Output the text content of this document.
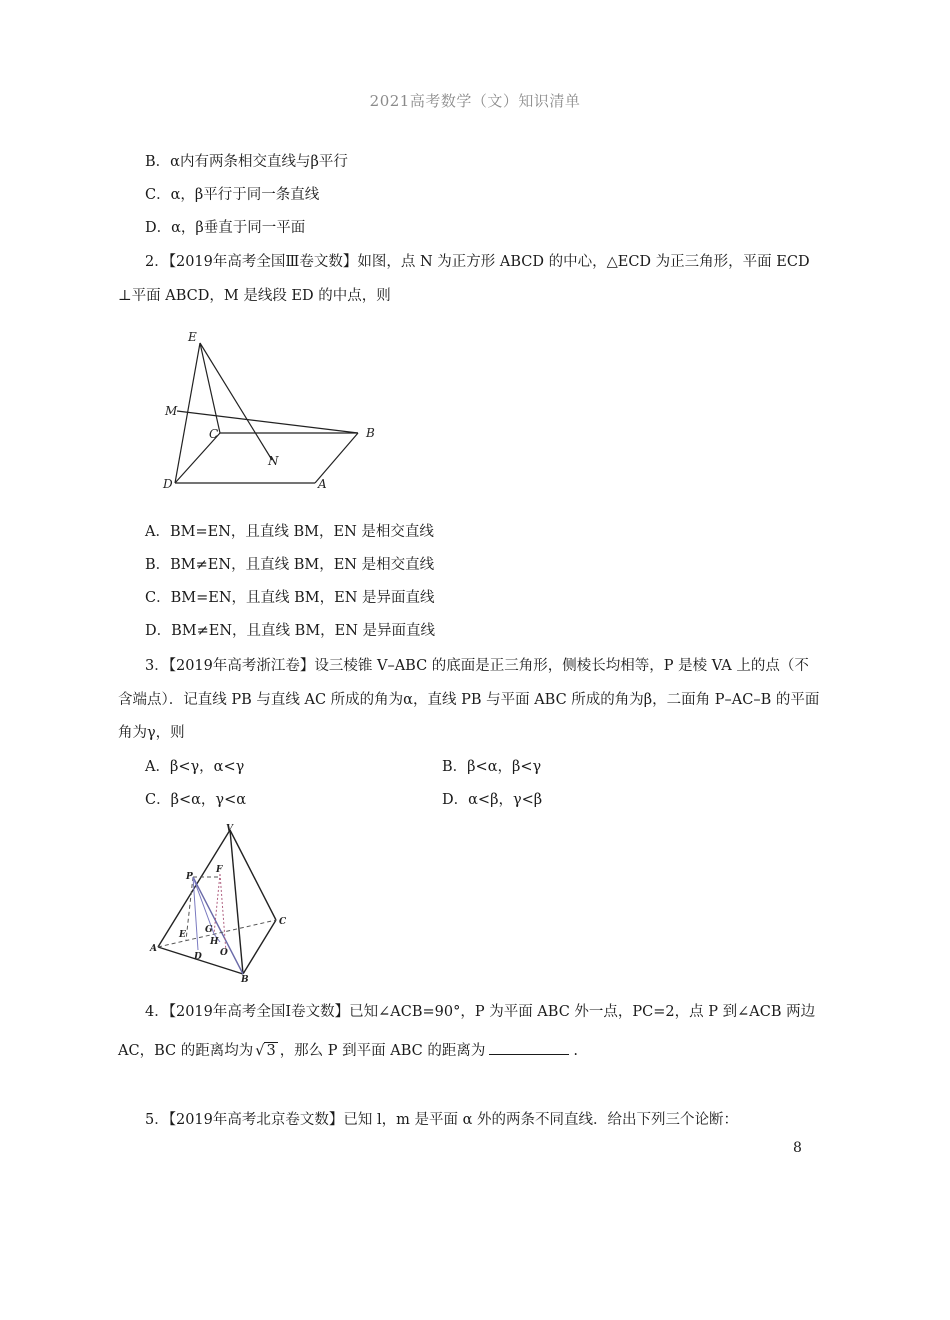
2021高考数学（文）知识清单
B．α内有两条相交直线与β平行
C．α，β平行于同一条直线
D．α，β垂直于同一平面
2．【2019年高考全国Ⅲ卷文数】如图，点 N 为正方形 ABCD 的中心，△ECD 为正三角形，平面 ECD
⊥平面 ABCD，M 是线段 ED 的中点，则
E
M
C	B
N
D	A
A．BM=EN，且直线 BM，EN 是相交直线
B．BM≠EN，且直线 BM，EN 是相交直线
C．BM=EN，且直线 BM，EN 是异面直线
D．BM≠EN，且直线 BM，EN 是异面直线
3．【2019年高考浙江卷】设三棱锥 V–ABC 的底面是正三角形，侧棱长均相等，P 是棱 VA 上的点（不
含端点）．记直线 PB 与直线 AC 所成的角为α，直线 PB 与平面 ABC 所成的角为β，二面角 P–AC–B 的平面
角为γ，则
A．β<γ，α<γ	B．β<α，β<γ
C．β<α，γ<α	D．α<β，γ<β
V
P
F
C
E G
H
A
D O
B
4．【2019年高考全国Ⅰ卷文数】已知∠ACB=90°，P 为平面 ABC 外一点，PC=2，点 P 到∠ACB 两边
AC，BC 的距离均为 √ 3 ，那么 P 到平面 ABC 的距离为	.
5．【2019年高考北京卷文数】已知 l，m 是平面 α 外的两条不同直线．给出下列三个论断：
8
